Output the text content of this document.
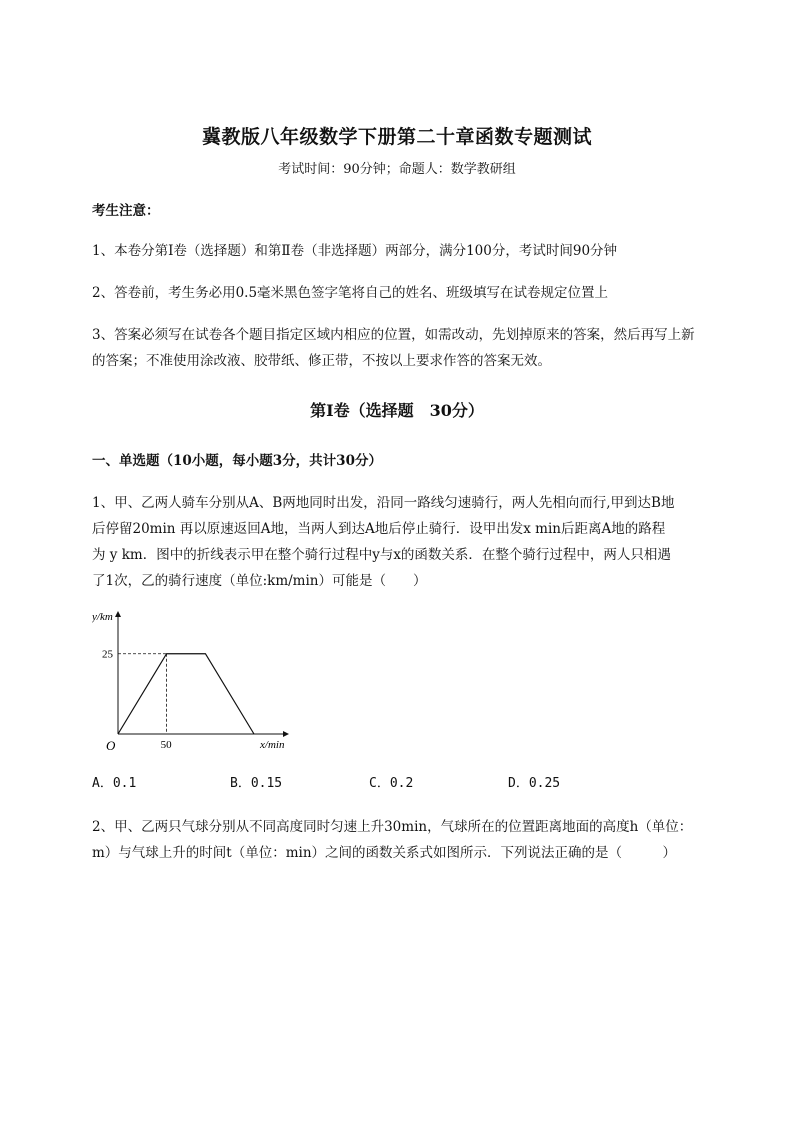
冀教版八年级数学下册第二十章函数专题测试
考试时间：90分钟；命题人：数学教研组
考生注意：
1、本卷分第Ⅰ卷（选择题）和第Ⅱ卷（非选择题）两部分，满分100分，考试时间90分钟
2、答卷前，考生务必用0.5毫米黑色签字笔将自己的姓名、班级填写在试卷规定位置上
3、答案必须写在试卷各个题目指定区域内相应的位置，如需改动，先划掉原来的答案，然后再写上新
的答案；不准使用涂改液、胶带纸、修正带，不按以上要求作答的答案无效。
第Ⅰ卷（选择题　30分）
一、单选题（10小题，每小题3分，共计30分）
1、甲、乙两人骑车分别从A、B两地同时出发，沿同一路线匀速骑行，两人先相向而行,甲到达B地
后停留20min 再以原速返回A地，当两人到达A地后停止骑行．设甲出发x min后距离A地的路程
为 y km．图中的折线表示甲在整个骑行过程中y与x的函数关系．在整个骑行过程中，两人只相遇
了1次，乙的骑行速度（单位:km/min）可能是（　　）
y/km
x/min
O
25
50
A．0.1	B．0.15	C．0.2	D．0.25
2、甲、乙两只气球分别从不同高度同时匀速上升30min，气球所在的位置距离地面的高度h（单位：
m）与气球上升的时间t（单位：min）之间的函数关系式如图所示．下列说法正确的是（　　　）
